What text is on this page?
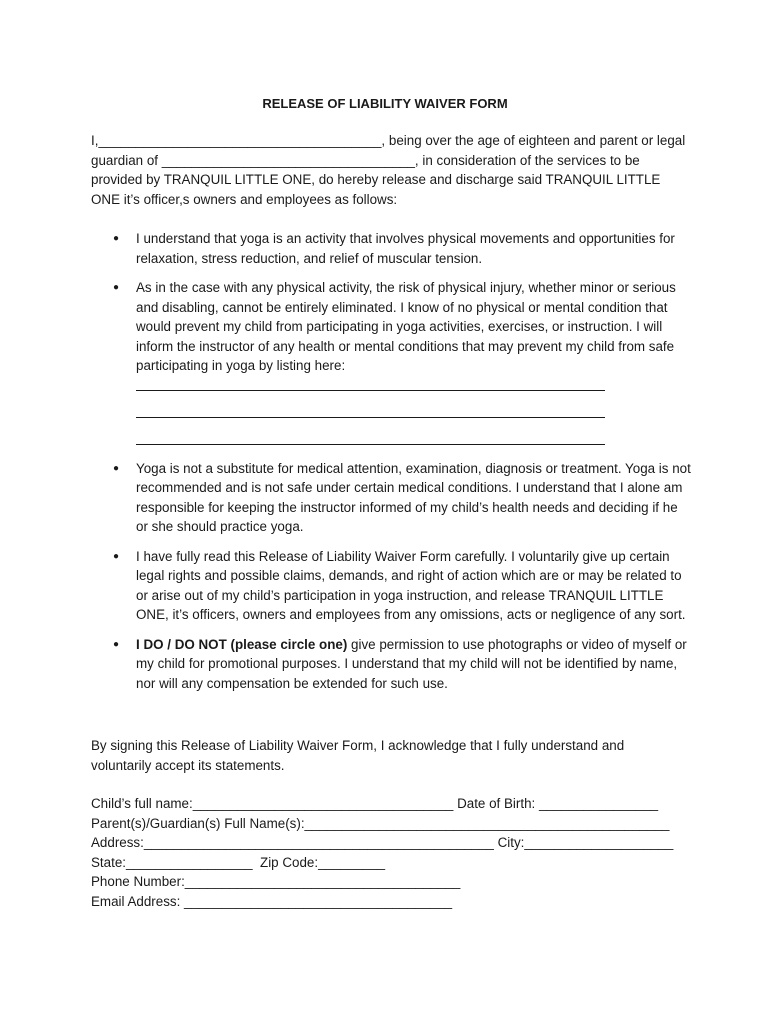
RELEASE OF LIABILITY WAIVER FORM
I,______________________________________, being over the age of eighteen and parent or legal guardian of __________________________________, in consideration of the services to be provided by TRANQUIL LITTLE ONE, do hereby release and discharge said TRANQUIL LITTLE ONE it’s officer,s owners and employees as follows:
● I understand that yoga is an activity that involves physical movements and opportunities for relaxation, stress reduction, and relief of muscular tension.
● As in the case with any physical activity, the risk of physical injury, whether minor or serious and disabling, cannot be entirely eliminated. I know of no physical or mental condition that would prevent my child from participating in yoga activities, exercises, or instruction. I will inform the instructor of any health or mental conditions that may prevent my child from safe participating in yoga by listing here:
● Yoga is not a substitute for medical attention, examination, diagnosis or treatment. Yoga is not recommended and is not safe under certain medical conditions. I understand that I alone am responsible for keeping the instructor informed of my child’s health needs and deciding if he or she should practice yoga.
● I have fully read this Release of Liability Waiver Form carefully. I voluntarily give up certain legal rights and possible claims, demands, and right of action which are or may be related to or arise out of my child’s participation in yoga instruction, and release TRANQUIL LITTLE ONE, it’s officers, owners and employees from any omissions, acts or negligence of any sort.
● I DO / DO NOT (please circle one) give permission to use photographs or video of myself or my child for promotional purposes. I understand that my child will not be identified by name, nor will any compensation be extended for such use.
By signing this Release of Liability Waiver Form, I acknowledge that I fully understand and voluntarily accept its statements.
Child’s full name:___________________________________ Date of Birth: ________________
Parent(s)/Guardian(s) Full Name(s):_________________________________________________
Address:_______________________________________________ City:____________________
State:_________________  Zip Code:_________
Phone Number:_____________________________________
Email Address: ____________________________________
